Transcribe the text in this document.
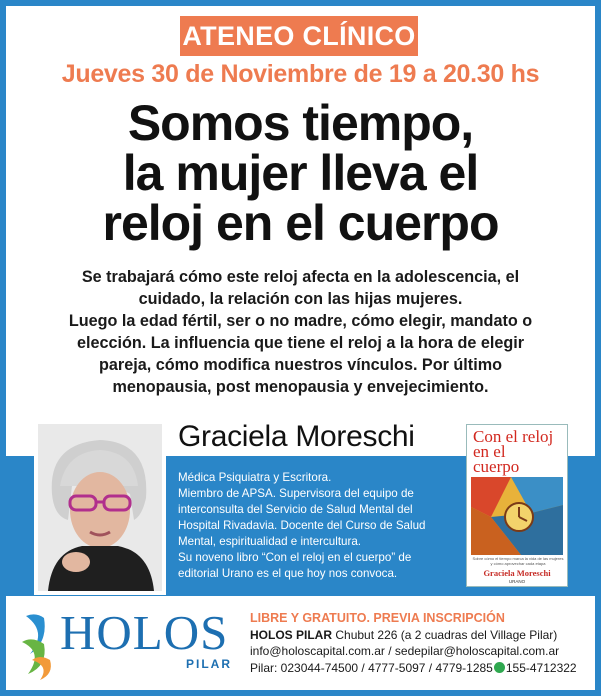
ATENEO CLÍNICO
Jueves 30 de Noviembre de 19 a 20.30 hs
Somos tiempo,
la mujer lleva el
reloj en el cuerpo
Se trabajará cómo este reloj afecta en la adolescencia, el
cuidado, la relación con las hijas mujeres.
Luego la edad fértil, ser o no madre, cómo elegir, mandato o
elección. La influencia que tiene el reloj a la hora de elegir
pareja, cómo modifica nuestros vínculos. Por último
menopausia, post menopausia y envejecimiento.
Graciela Moreschi
Médica Psiquiatra y Escritora.
Miembro de APSA. Supervisora del equipo de
interconsulta del Servicio de Salud Mental del
Hospital Rivadavia. Docente del Curso de Salud
Mental, espiritualidad e intercultura.
Su noveno libro “Con el reloj en el cuerpo” de
editorial Urano es el que hoy nos convoca.
Con el reloj
en el
cuerpo
Sobre cómo el tiempo marca la vida de las mujeres y cómo aprovechar cada etapa
Graciela Moreschi
URANO
HOLOS
PILAR
LIBRE Y GRATUITO. PREVIA INSCRIPCIÓN
HOLOS PILAR Chubut 226 (a 2 cuadras del Village Pilar)
info@holoscapital.com.ar / sedepilar@holoscapital.com.ar
Pilar: 023044-74500 / 4777-5097 / 4779-1285 155-4712322
